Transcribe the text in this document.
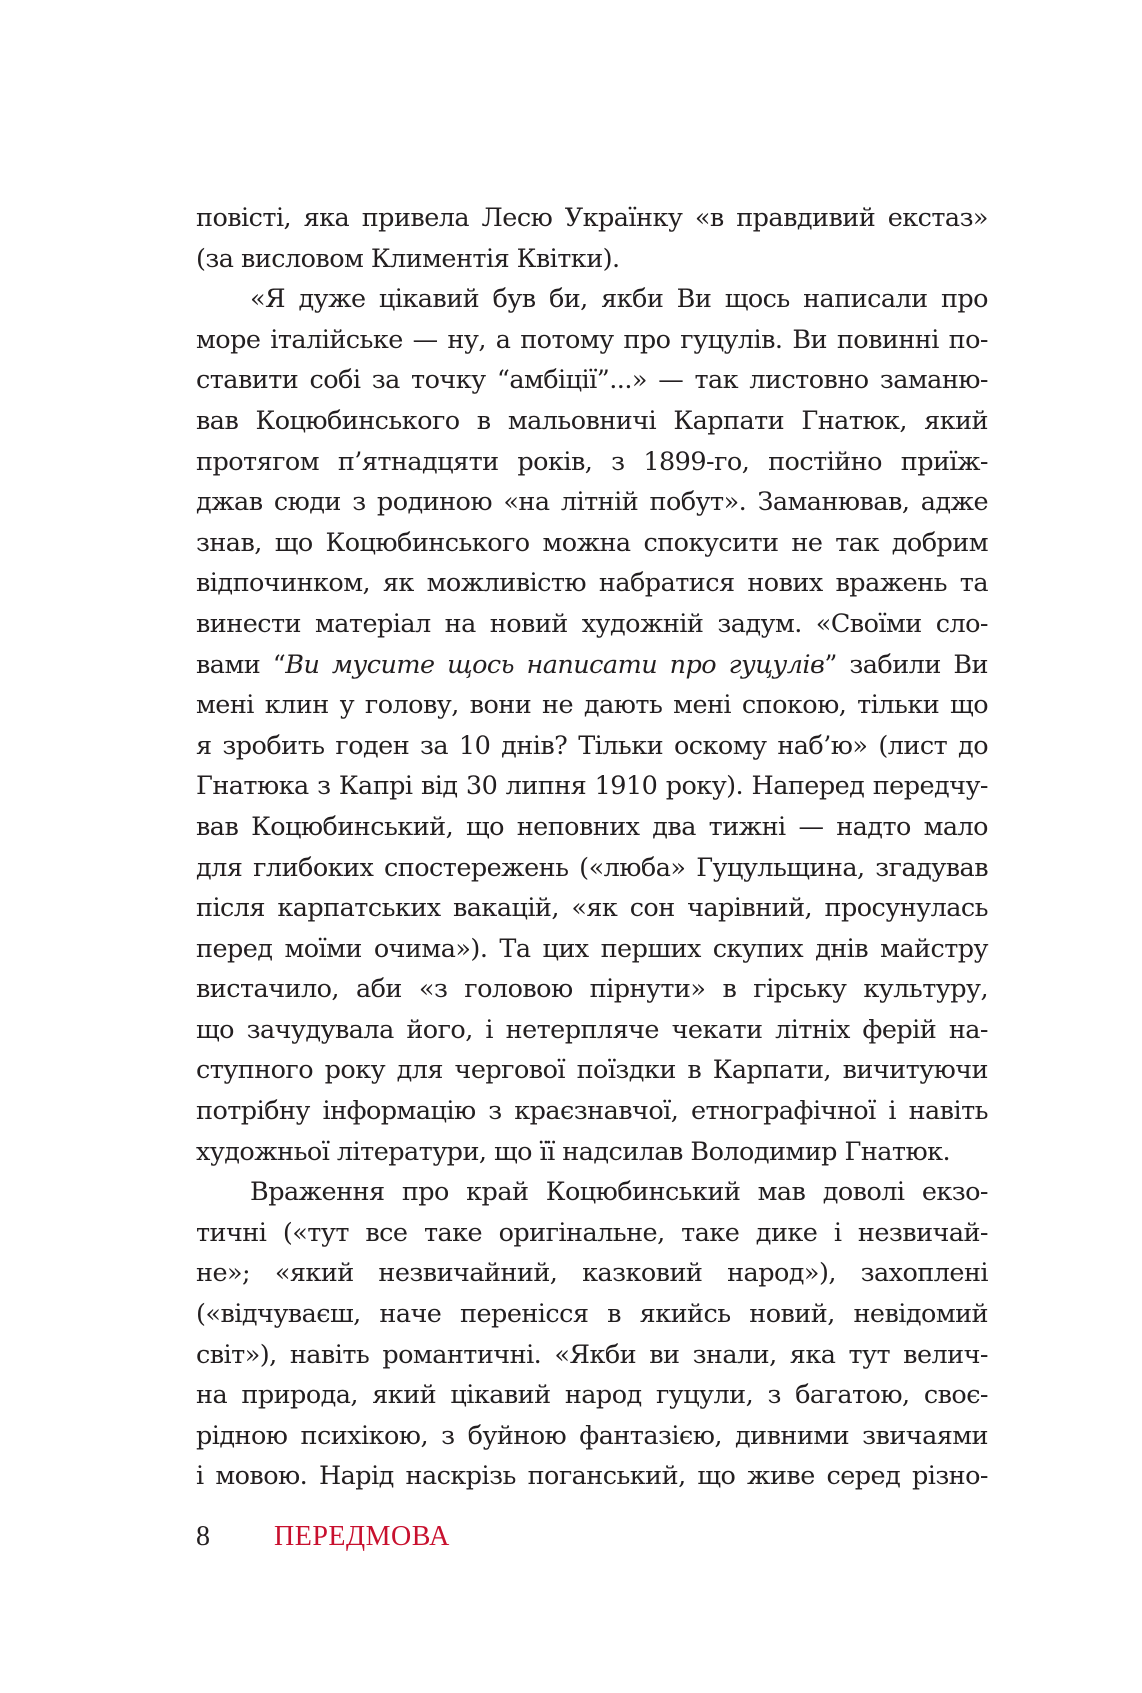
повісті, яка привела Лесю Українку «в правдивий екстаз»
(за висловом Климентія Квітки).
«Я дуже цікавий був би, якби Ви щось написали про
море італійське — ну, а потому про гуцулів. Ви повинні по-
ставити собі за точку “амбіції”...» — так листовно заманю-
вав Коцюбинського в мальовничі Карпати Гнатюк, який
протягом п’ятнадцяти років, з 1899-го, постійно приїж-
джав сюди з родиною «на літній побут». Заманював, адже
знав, що Коцюбинського можна спокусити не так добрим
відпочинком, як можливістю набратися нових вражень та
винести матеріал на новий художній задум. «Своїми сло-
вами “Ви мусите щось написати про гуцулів” забили Ви
мені клин у голову, вони не дають мені спокою, тільки що
я зробить годен за 10 днів? Тільки оскому наб’ю» (лист до
Гнатюка з Капрі від 30 липня 1910 року). Наперед передчу-
вав Коцюбинський, що неповних два тижні — надто мало
для глибоких спостережень («люба» Гуцульщина, згадував
після карпатських вакацій, «як сон чарівний, просунулась
перед моїми очима»). Та цих перших скупих днів майстру
вистачило, аби «з головою пірнути» в гірську культуру,
що зачудувала його, і нетерпляче чекати літніх ферій на-
ступного року для чергової поїздки в Карпати, вичитуючи
потрібну інформацію з краєзнавчої, етнографічної і навіть
художньої літератури, що її надсилав Володимир Гнатюк.
Враження про край Коцюбинський мав доволі екзо-
тичні («тут все таке оригінальне, таке дике і незвичай-
не»; «який незвичайний, казковий народ»), захоплені
(«відчуваєш, наче перенісся в якийсь новий, невідомий
світ»), навіть романтичні. «Якби ви знали, яка тут велич-
на природа, який цікавий народ гуцули, з багатою, своє-
рідною психікою, з буйною фантазією, дивними звичаями
і мовою. Нарід наскрізь поганський, що живе серед різно-
8 ПЕРЕДМОВА
